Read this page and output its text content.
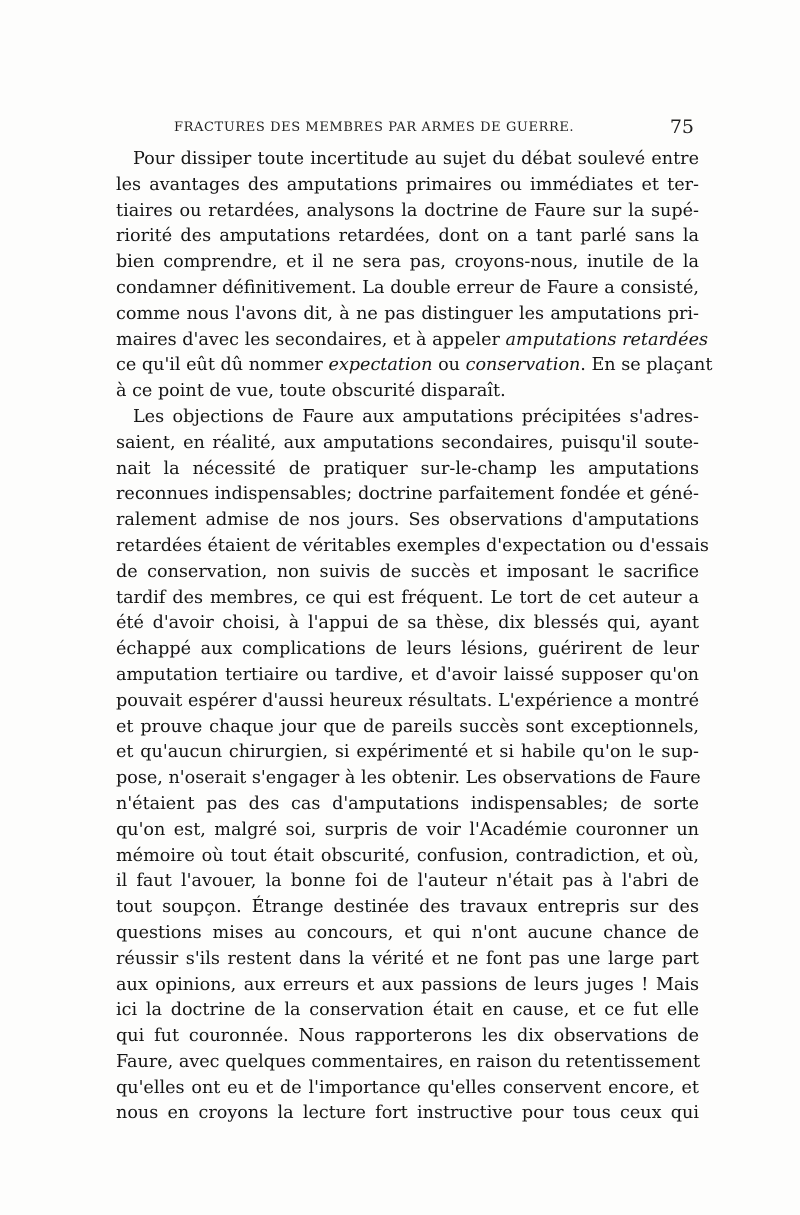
FRACTURES DES MEMBRES PAR ARMES DE GUERRE.	75

Pour dissiper toute incertitude au sujet du débat soulevé entre
les avantages des amputations primaires ou immédiates et ter-
tiaires ou retardées, analysons la doctrine de Faure sur la supé-
riorité des amputations retardées, dont on a tant parlé sans la
bien comprendre, et il ne sera pas, croyons-nous, inutile de la
condamner définitivement. La double erreur de Faure a consisté,
comme nous l'avons dit, à ne pas distinguer les amputations pri-
maires d'avec les secondaires, et à appeler amputations retardées
ce qu'il eût dû nommer expectation ou conservation. En se plaçant
à ce point de vue, toute obscurité disparaît.

Les objections de Faure aux amputations précipitées s'adres-
saient, en réalité, aux amputations secondaires, puisqu'il soute-
nait la nécessité de pratiquer sur-le-champ les amputations
reconnues indispensables; doctrine parfaitement fondée et géné-
ralement admise de nos jours. Ses observations d'amputations
retardées étaient de véritables exemples d'expectation ou d'essais
de conservation, non suivis de succès et imposant le sacrifice
tardif des membres, ce qui est fréquent. Le tort de cet auteur a
été d'avoir choisi, à l'appui de sa thèse, dix blessés qui, ayant
échappé aux complications de leurs lésions, guérirent de leur
amputation tertiaire ou tardive, et d'avoir laissé supposer qu'on
pouvait espérer d'aussi heureux résultats. L'expérience a montré
et prouve chaque jour que de pareils succès sont exceptionnels,
et qu'aucun chirurgien, si expérimenté et si habile qu'on le sup-
pose, n'oserait s'engager à les obtenir. Les observations de Faure
n'étaient pas des cas d'amputations indispensables; de sorte
qu'on est, malgré soi, surpris de voir l'Académie couronner un
mémoire où tout était obscurité, confusion, contradiction, et où,
il faut l'avouer, la bonne foi de l'auteur n'était pas à l'abri de
tout soupçon. Étrange destinée des travaux entrepris sur des
questions mises au concours, et qui n'ont aucune chance de
réussir s'ils restent dans la vérité et ne font pas une large part
aux opinions, aux erreurs et aux passions de leurs juges ! Mais
ici la doctrine de la conservation était en cause, et ce fut elle
qui fut couronnée. Nous rapporterons les dix observations de
Faure, avec quelques commentaires, en raison du retentissement
qu'elles ont eu et de l'importance qu'elles conservent encore, et
nous en croyons la lecture fort instructive pour tous ceux qui
